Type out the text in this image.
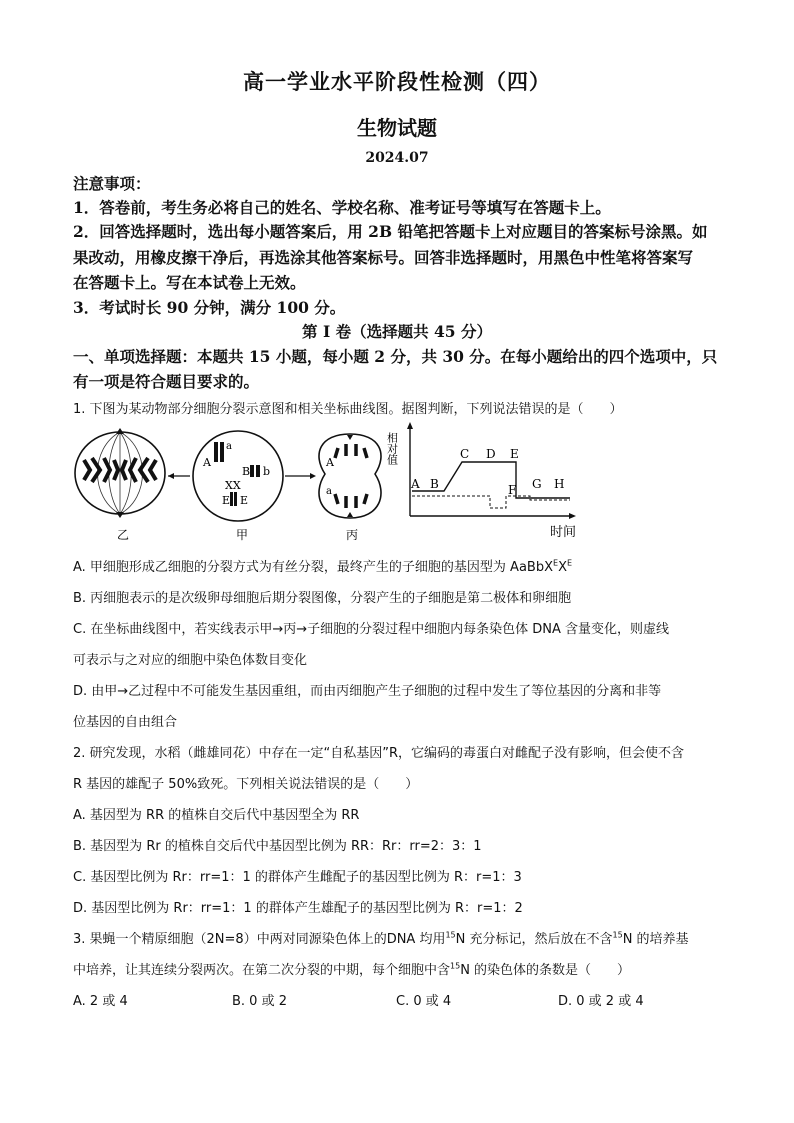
高一学业水平阶段性检测（四）
生物试题
2024.07
注意事项：
1．答卷前，考生务必将自己的姓名、学校名称、准考证号等填写在答题卡上。
2．回答选择题时，选出每小题答案后，用 2B 铅笔把答题卡上对应题目的答案标号涂黑。如
果改动，用橡皮擦干净后，再选涂其他答案标号。回答非选择题时，用黑色中性笔将答案写
在答题卡上。写在本试卷上无效。
3．考试时长 90 分钟，满分 100 分。
第 I 卷（选择题共 45 分）
一、单项选择题：本题共 15 小题，每小题 2 分，共 30 分。在每小题给出的四个选项中，只
有一项是符合题目要求的。
1. 下图为某动物部分细胞分裂示意图和相关坐标曲线图。据图判断，下列说法错误的是（　　）
乙
A
a
B b
XX
E E
甲
A
a
丙
相对值
时间
A B
C D E
F G H
A. 甲细胞形成乙细胞的分裂方式为有丝分裂，最终产生的子细胞的基因型为 $AaBbX^EX^E$
B. 丙细胞表示的是次级卵母细胞后期分裂图像，分裂产生的子细胞是第二极体和卵细胞
C. 在坐标曲线图中，若实线表示甲→丙→子细胞的分裂过程中细胞内每条染色体 DNA 含量变化，则虚线
可表示与之对应的细胞中染色体数目变化
D. 由甲→乙过程中不可能发生基因重组，而由丙细胞产生子细胞的过程中发生了等位基因的分离和非等
位基因的自由组合
2. 研究发现，水稻（雌雄同花）中存在一定“自私基因”R，它编码的毒蛋白对雌配子没有影响，但会使不含
R 基因的雄配子 50%致死。下列相关说法错误的是（　　）
A. 基因型为 RR 的植株自交后代中基因型全为 RR
B. 基因型为 Rr 的植株自交后代中基因型比例为 RR：Rr：rr=2：3：1
C. 基因型比例为 Rr：rr=1：1 的群体产生雌配子的基因型比例为 R：r=1：3
D. 基因型比例为 Rr：rr=1：1 的群体产生雄配子的基因型比例为 R：r=1：2
3. 果蝇一个精原细胞（2N=8）中两对同源染色体上的DNA 均用$^{15}$N 充分标记，然后放在不含$^{15}$N 的培养基
中培养，让其连续分裂两次。在第二次分裂的中期，每个细胞中含$^{15}$N 的染色体的条数是（　　）
A. 2 或 4	B. 0 或 2	C. 0 或 4	D. 0 或 2 或 4
